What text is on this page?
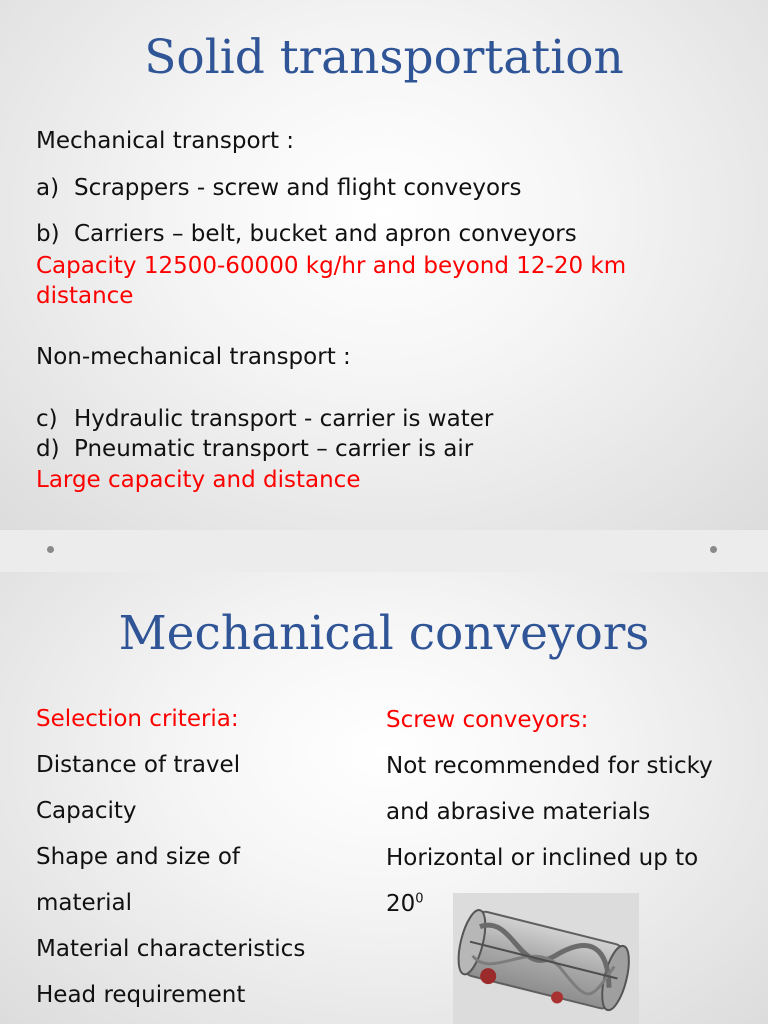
Solid transportation
Mechanical transport :
a) Scrappers - screw and flight conveyors
b) Carriers – belt, bucket and apron conveyors
Capacity 12500-60000 kg/hr and beyond 12-20 km
distance
Non-mechanical transport :
c) Hydraulic transport - carrier is water
d) Pneumatic transport – carrier is air
Large capacity and distance
Mechanical conveyors
Selection criteria:
Distance of travel
Capacity
Shape and size of
material
Material characteristics
Head requirement
Screw conveyors:
Not recommended for sticky
and abrasive materials
Horizontal or inclined up to
$20^0$
